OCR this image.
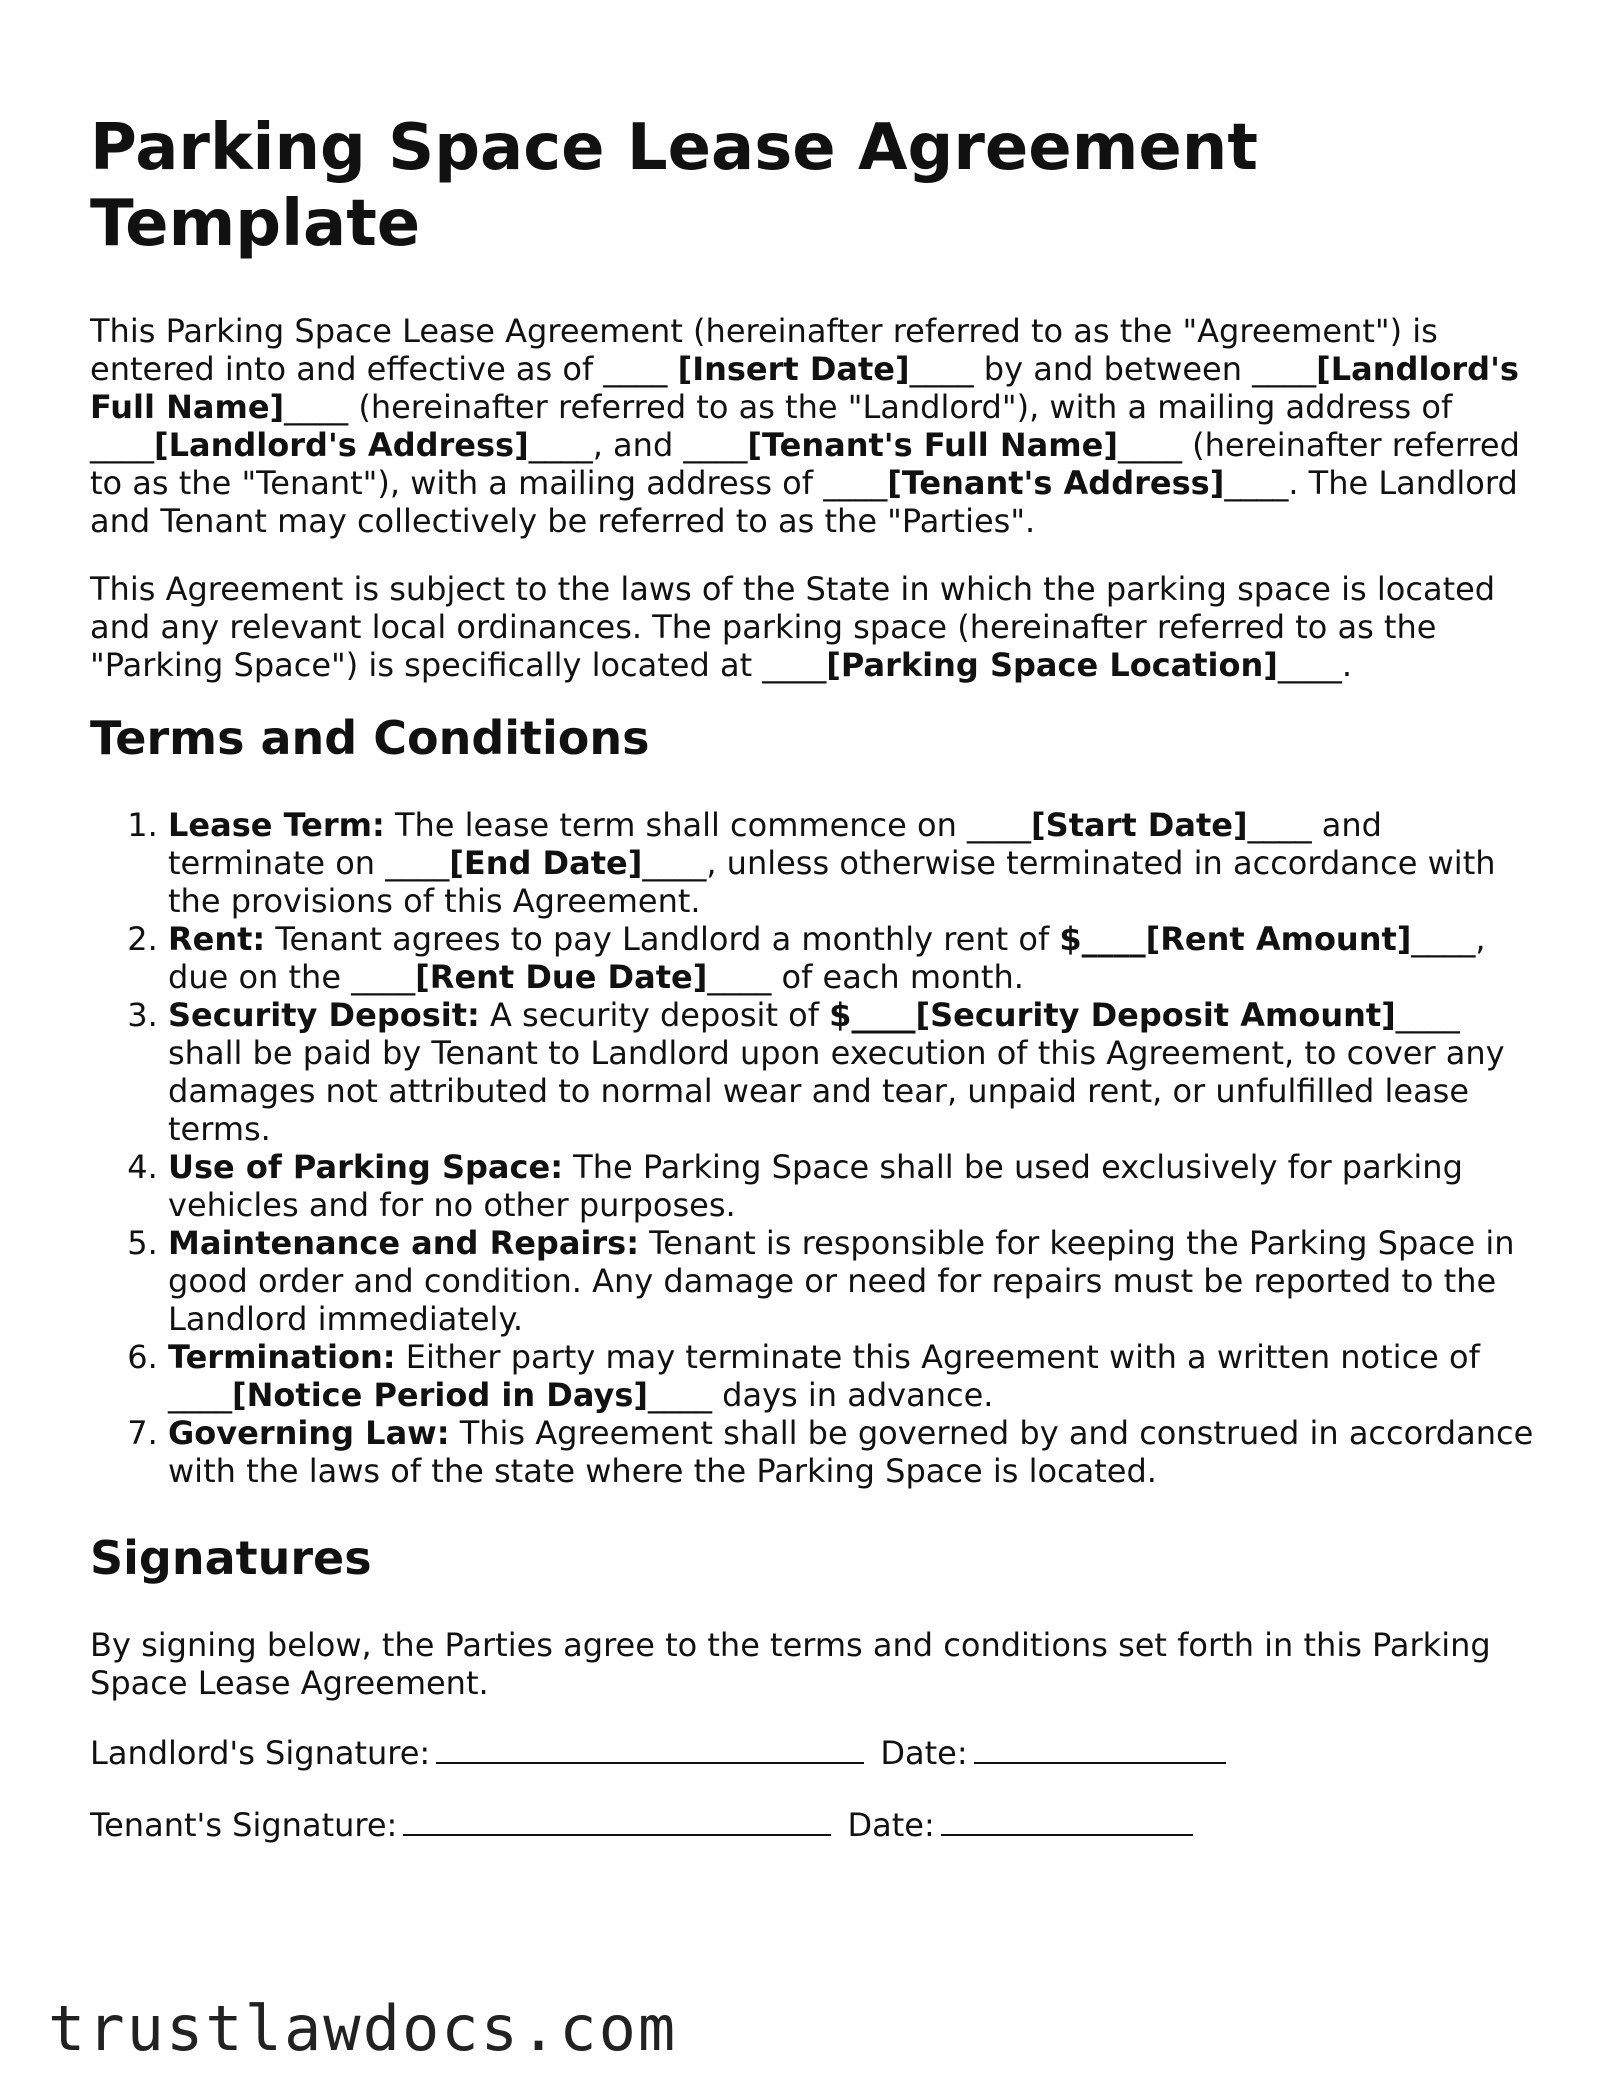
Parking Space Lease Agreement Template

This Parking Space Lease Agreement (hereinafter referred to as the "Agreement") is entered into and effective as of ____ [Insert Date]____ by and between ____[Landlord's Full Name]____ (hereinafter referred to as the "Landlord"), with a mailing address of ____[Landlord's Address]____, and ____[Tenant's Full Name]____ (hereinafter referred to as the "Tenant"), with a mailing address of ____[Tenant's Address]____. The Landlord and Tenant may collectively be referred to as the "Parties".

This Agreement is subject to the laws of the State in which the parking space is located and any relevant local ordinances. The parking space (hereinafter referred to as the "Parking Space") is specifically located at ____[Parking Space Location]____.

Terms and Conditions
1. Lease Term: The lease term shall commence on ____[Start Date]____ and terminate on ____[End Date]____, unless otherwise terminated in accordance with the provisions of this Agreement.
2. Rent: Tenant agrees to pay Landlord a monthly rent of $____[Rent Amount]____, due on the ____[Rent Due Date]____ of each month.
3. Security Deposit: A security deposit of $____[Security Deposit Amount]____ shall be paid by Tenant to Landlord upon execution of this Agreement, to cover any damages not attributed to normal wear and tear, unpaid rent, or unfulfilled lease terms.
4. Use of Parking Space: The Parking Space shall be used exclusively for parking vehicles and for no other purposes.
5. Maintenance and Repairs: Tenant is responsible for keeping the Parking Space in good order and condition. Any damage or need for repairs must be reported to the Landlord immediately.
6. Termination: Either party may terminate this Agreement with a written notice of ____[Notice Period in Days]____ days in advance.
7. Governing Law: This Agreement shall be governed by and construed in accordance with the laws of the state where the Parking Space is located.
Signatures

By signing below, the Parties agree to the terms and conditions set forth in this Parking Space Lease Agreement.

Landlord's Signature:	Date:
Tenant's Signature:	Date:
trustlawdocs.com
